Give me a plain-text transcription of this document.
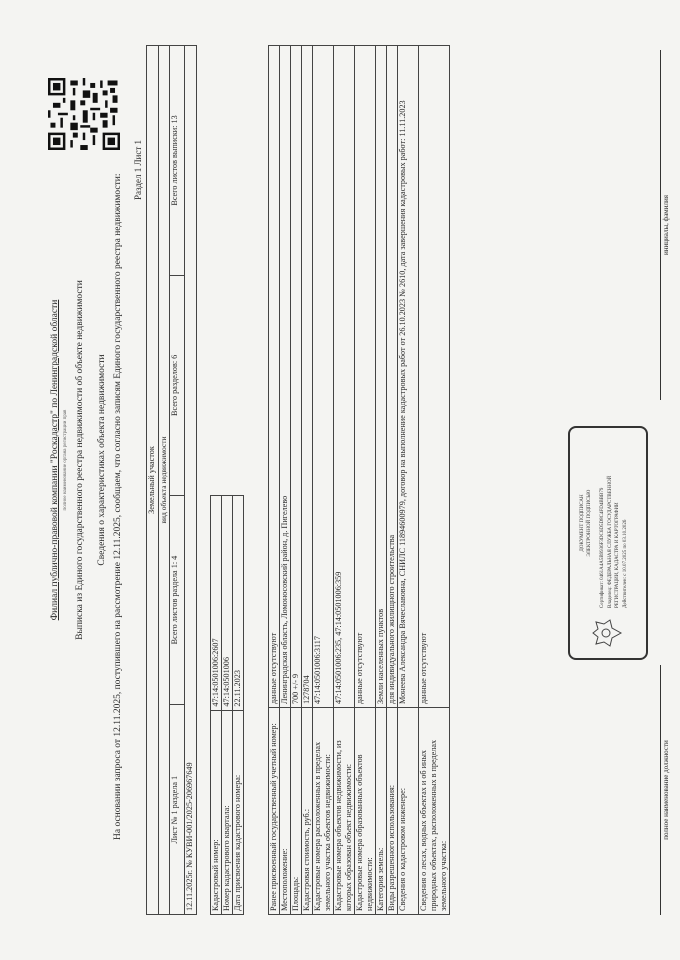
Филиал публично-правовой компании "Роскадастр" по Ленинградской области полное наименование органа регистрации прав Выписка из Единого государственного реестра недвижимости об объекте недвижимости Сведения о характеристиках объекта недвижимости На основании запроса от 12.11.2025, поступившего на рассмотрение 12.11.2025, сообщаем, что согласно записям Единого государственного реестра недвижимости:
Раздел 1 Лист 1
Земельный участок
вид объекта недвижимости
Лист № 1 раздела 1	Всего листов раздела 1: 4	Всего разделов: 6	Всего листов выписки: 13
12.11.2025г. № КУВИ-001/2025-206967649 Кадастровый номер:	47:14:0501006:2607
Номер кадастрового квартала:	47:14:0501006
Дата присвоения кадастрового номера:	22.11.2023
Ранее присвоенный государственный учетный номер:	данные отсутствуют
Местоположение:	Ленинградская область, Ломоносовский район, д. Пигелево
Площадь:	700 +/- 9
Кадастровая стоимость, руб.:	1278704
Кадастровые номера расположенных в пределах земельного участка объектов недвижимости:	47:14:0501006:3117
Кадастровые номера объектов недвижимости, из которых образован объект недвижимости:	47:14:0501006:235, 47:14:0501006:359
Кадастровые номера образованных объектов недвижимости:	данные отсутствуют
Категория земель:	Земли населенных пунктов
Виды разрешенного использования:	для индивидуального жилищного строительства
Сведения о кадастровом инженере:	Монеева Александра Вячеславовна, СНИЛС 11894600979, договор на выполнение кадастровых работ от 26.10.2023 № 2610, дата завершения кадастровых работ: 11.11.2023
Сведения о лесах, водных объектах и об иных природных объектах, расположенных в пределах земельного участка:	данные отсутствуют
полное наименование должности
инициалы, фамилия
ДОКУМЕНТ ПОДПИСАН ЭЛЕКТРОННОЙ ПОДПИСЬЮ	Сертификат: 0461A4A5B9936F3DC6D5D8C4FD4BBB79 Владелец: ФЕДЕРАЛЬНАЯ СЛУЖБА ГОСУДАРСТВЕННОЙ РЕГИСТРАЦИИ, КАДАСТРА И КАРТОГРАФИИ Действителен: с 10.07.2025 по 03.10.2026
